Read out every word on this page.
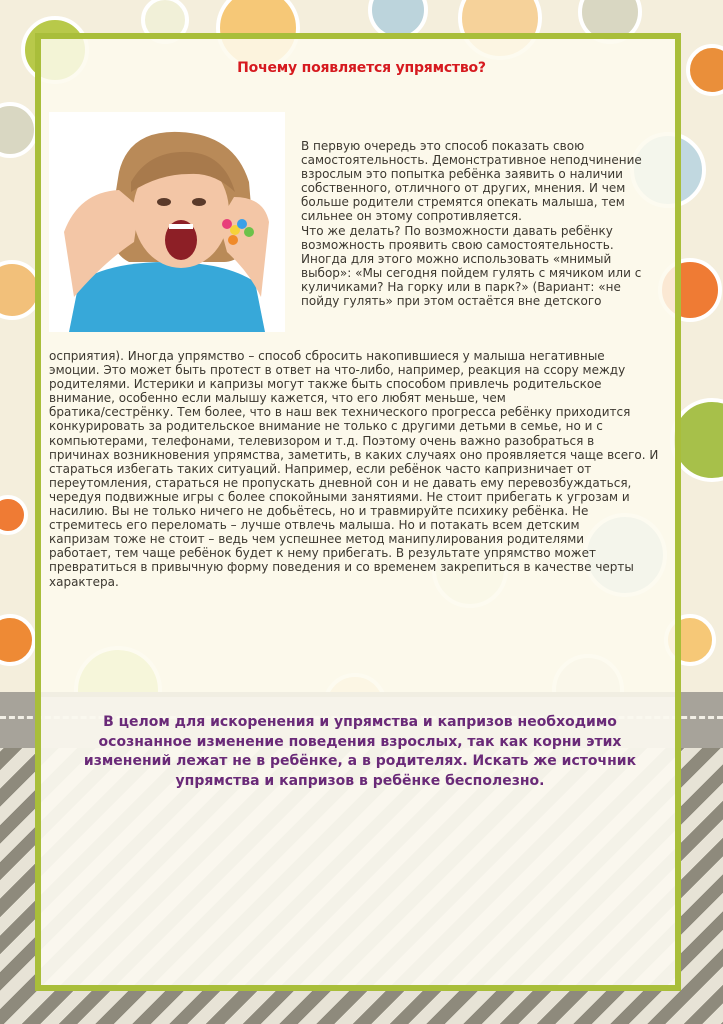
Почему появляется упрямство?

В первую очередь это способ показать свою
самостоятельность. Демонстративное неподчинение
взрослым это попытка ребёнка заявить о наличии
собственного, отличного от других, мнения. И чем
больше родители стремятся опекать малыша, тем
сильнее он этому сопротивляется.
Что же делать? По возможности давать ребёнку
возможность проявить свою самостоятельность.
Иногда для этого можно использовать «мнимый
выбор»: «Мы сегодня пойдем гулять с мячиком или с
куличиками? На горку или в парк?» (Вариант: «не
пойду гулять» при этом остаётся вне детского

осприятия). Иногда упрямство – способ сбросить накопившиеся у малыша негативные
эмоции. Это может быть протест в ответ на что-либо, например, реакция на ссору между
родителями. Истерики и капризы могут также быть способом привлечь родительское
внимание, особенно если малышу кажется, что его любят меньше, чем
братика/сестрёнку. Тем более, что в наш век технического прогресса ребёнку приходится
конкурировать за родительское внимание не только с другими детьми в семье, но и с
компьютерами, телефонами, телевизором и т.д. Поэтому очень важно разобраться в
причинах возникновения упрямства, заметить, в каких случаях оно проявляется чаще всего. И
стараться избегать таких ситуаций. Например, если ребёнок часто капризничает от
переутомления, стараться не пропускать дневной сон и не давать ему перевозбуждаться,
чередуя подвижные игры с более спокойными занятиями. Не стоит прибегать к угрозам и
насилию. Вы не только ничего не добьётесь, но и травмируйте психику ребёнка. Не
стремитесь его переломать – лучше отвлечь малыша. Но и потакать всем детским
капризам тоже не стоит – ведь чем успешнее метод манипулирования родителями
работает, тем чаще ребёнок будет к нему прибегать. В результате упрямство может
превратиться в привычную форму поведения и со временем закрепиться в качестве черты
характера.

В целом для искоренения и упрямства и капризов необходимо
осознанное изменение поведения взрослых, так как корни этих
изменений лежат не в ребёнке, а в родителях. Искать же источник
упрямства и капризов в ребёнке бесполезно.
